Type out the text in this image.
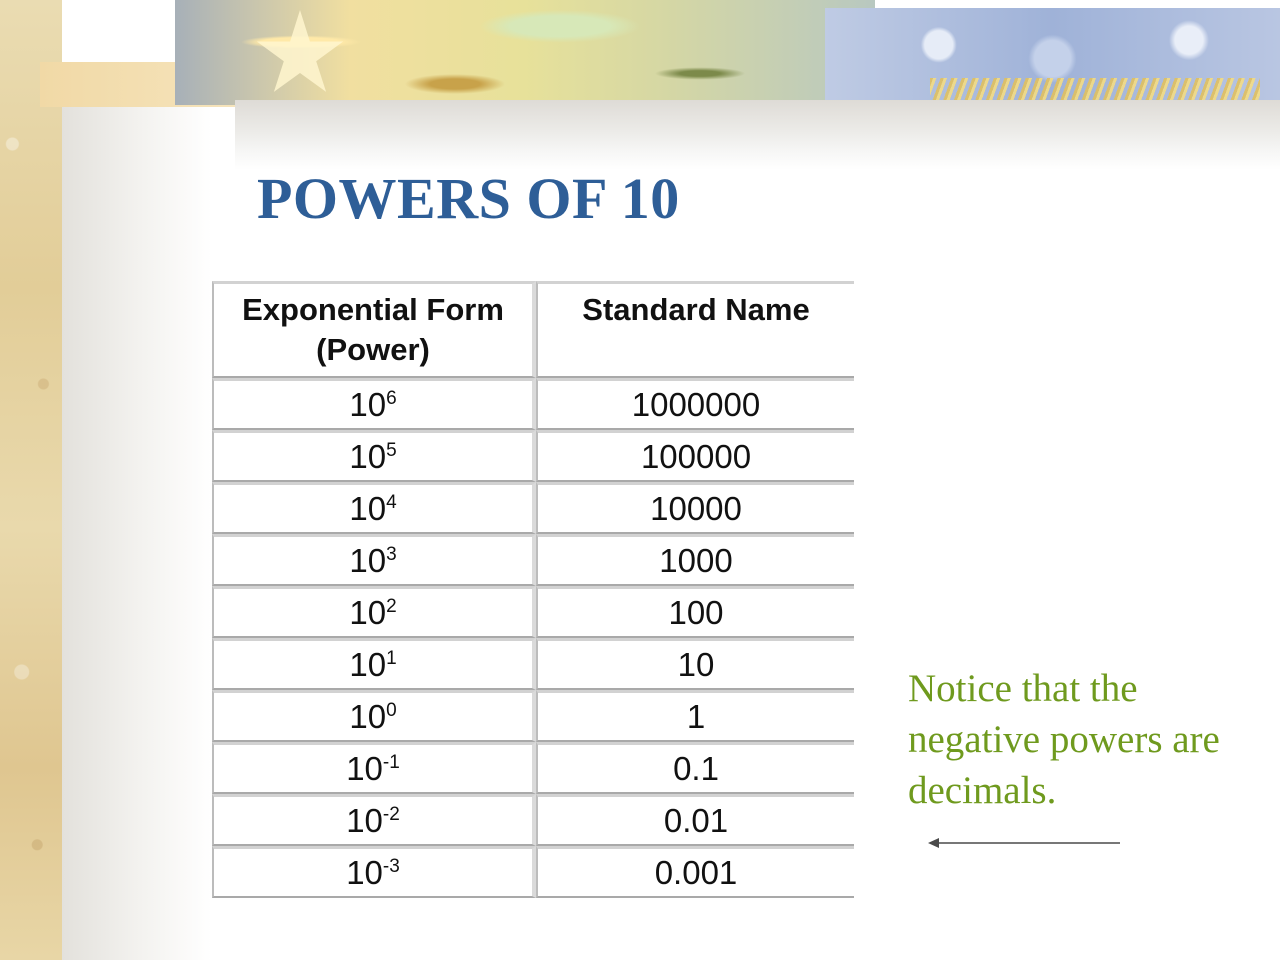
POWERS OF 10
Exponential Form (Power)	Standard Name
$10^6$	1000000
$10^5$	100000
$10^4$	10000
$10^3$	1000
$10^2$	100
$10^1$	10
$10^0$	1
$10^{-1}$	0.1
$10^{-2}$	0.01
$10^{-3}$	0.001
Notice that the negative powers are decimals.
